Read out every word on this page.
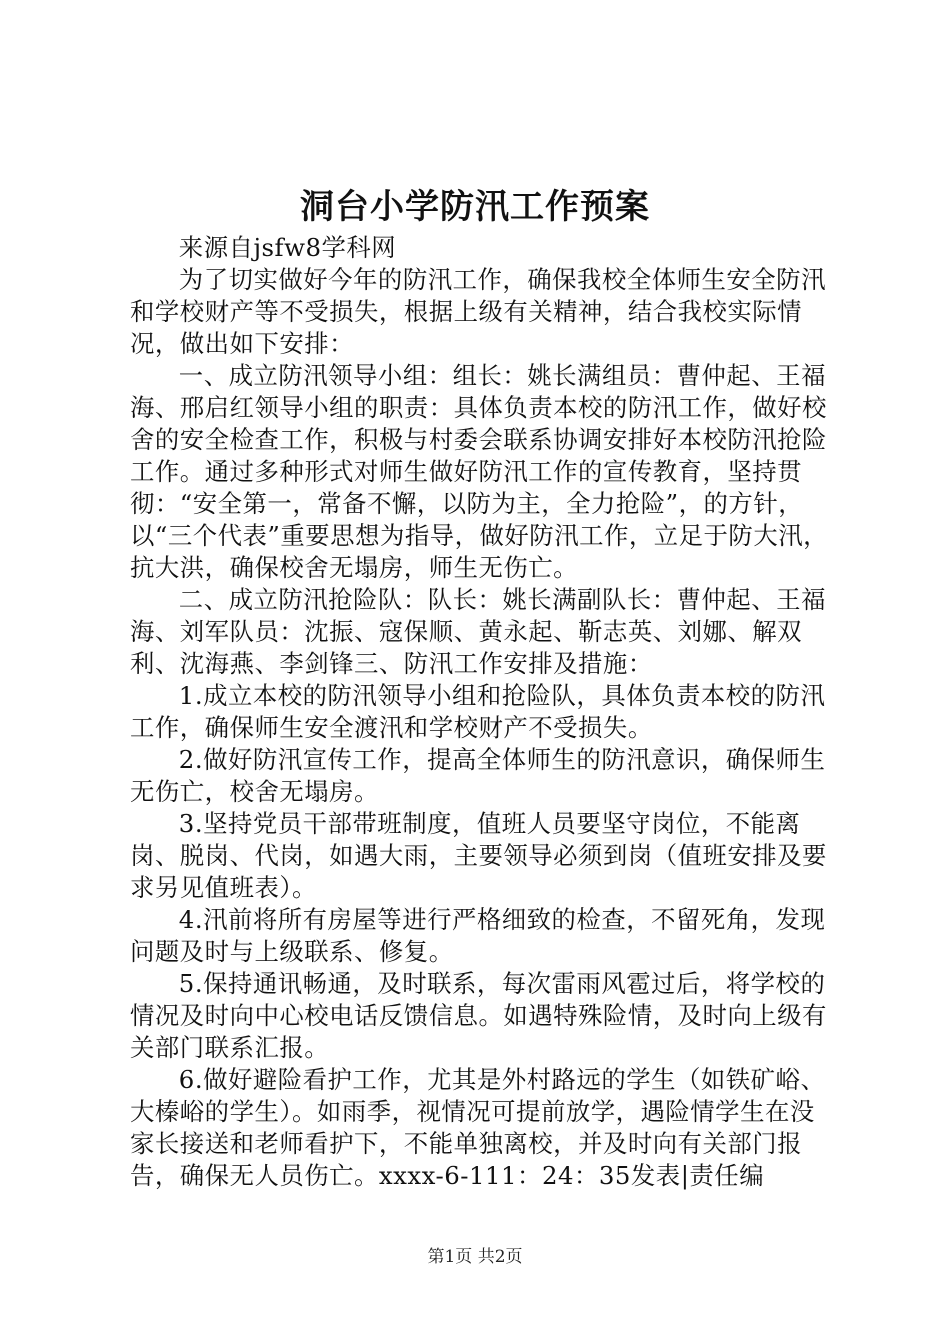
洞台小学防汛工作预案

来源自jsfw8学科网

为了切实做好今年的防汛工作，确保我校全体师生安全防汛和学校财产等不受损失，根据上级有关精神，结合我校实际情况，做出如下安排：

一、成立防汛领导小组：组长：姚长满组员：曹仲起、王福海、邢启红领导小组的职责：具体负责本校的防汛工作，做好校舍的安全检查工作，积极与村委会联系协调安排好本校防汛抢险工作。通过多种形式对师生做好防汛工作的宣传教育，坚持贯彻：“安全第一，常备不懈，以防为主，全力抢险”，的方针，以“三个代表”重要思想为指导，做好防汛工作，立足于防大汛，抗大洪，确保校舍无塌房，师生无伤亡。

二、成立防汛抢险队：队长：姚长满副队长：曹仲起、王福海、刘军队员：沈振、寇保顺、黄永起、靳志英、刘娜、解双利、沈海燕、李剑锋三、防汛工作安排及措施：

1.成立本校的防汛领导小组和抢险队，具体负责本校的防汛工作，确保师生安全渡汛和学校财产不受损失。

2.做好防汛宣传工作，提高全体师生的防汛意识，确保师生无伤亡，校舍无塌房。

3.坚持党员干部带班制度，值班人员要坚守岗位，不能离岗、脱岗、代岗，如遇大雨，主要领导必须到岗（值班安排及要求另见值班表）。

4.汛前将所有房屋等进行严格细致的检查，不留死角，发现问题及时与上级联系、修复。

5.保持通讯畅通，及时联系，每次雷雨风雹过后，将学校的情况及时向中心校电话反馈信息。如遇特殊险情，及时向上级有关部门联系汇报。

6.做好避险看护工作，尤其是外村路远的学生（如铁矿峪、大榛峪的学生）。如雨季，视情况可提前放学，遇险情学生在没家长接送和老师看护下，不能单独离校，并及时向有关部门报告，确保无人员伤亡。xxxx-6-111：24：35发表|责任编

第1页 共2页
